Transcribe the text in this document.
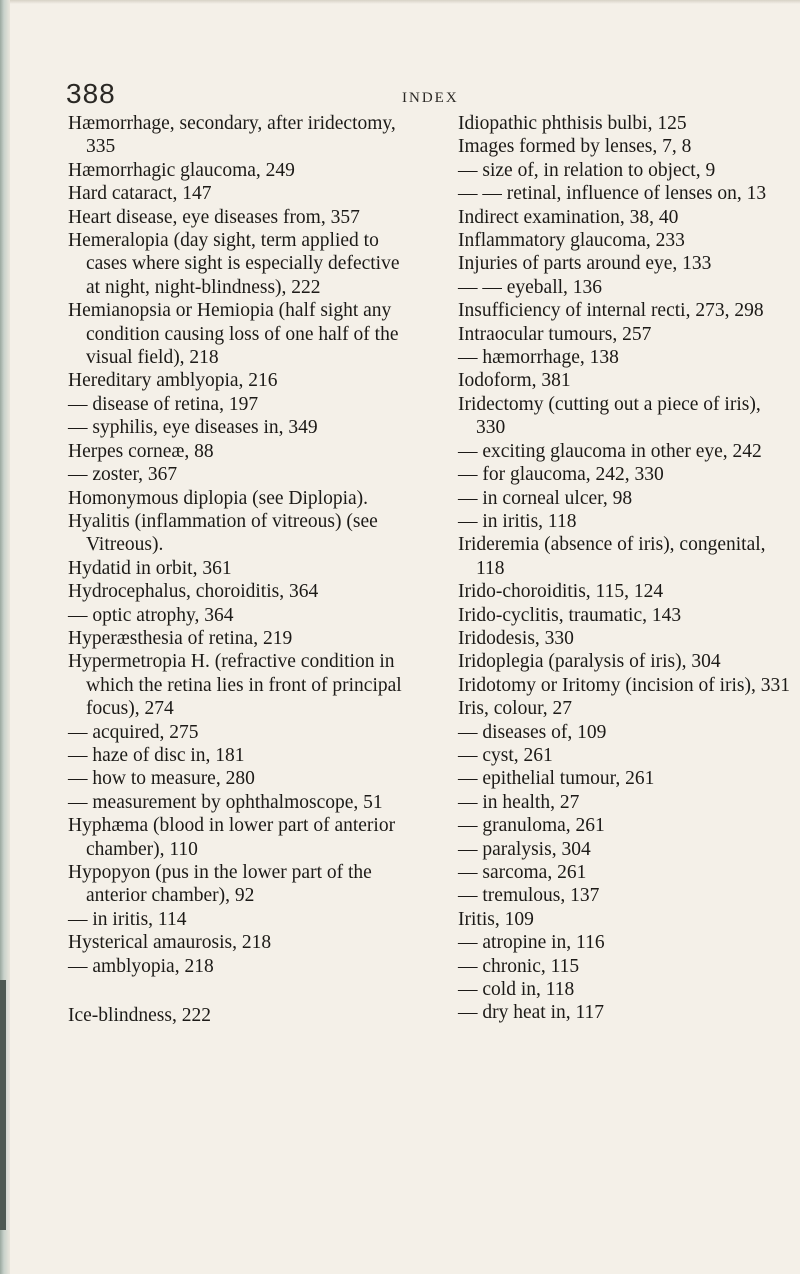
388	INDEX

Hæmorrhage, secondary, after iridectomy, 335

Hæmorrhagic glaucoma, 249

Hard cataract, 147

Heart disease, eye diseases from, 357

Hemeralopia (day sight, term applied to cases where sight is especially defective at night, night-blindness), 222

Hemianopsia or Hemiopia (half sight any condition causing loss of one half of the visual field), 218

Hereditary amblyopia, 216

— disease of retina, 197

— syphilis, eye diseases in, 349

Herpes corneæ, 88

— zoster, 367

Homonymous diplopia (see Diplopia).

Hyalitis (inflammation of vitreous) (see Vitreous).

Hydatid in orbit, 361

Hydrocephalus, choroiditis, 364

— optic atrophy, 364

Hyperæsthesia of retina, 219

Hypermetropia H. (refractive condition in which the retina lies in front of principal focus), 274

— acquired, 275

— haze of disc in, 181

— how to measure, 280

— measurement by ophthalmoscope, 51

Hyphæma (blood in lower part of anterior chamber), 110

Hypopyon (pus in the lower part of the anterior chamber), 92

— in iritis, 114

Hysterical amaurosis, 218

— amblyopia, 218

Ice-blindness, 222

Idiopathic phthisis bulbi, 125

Images formed by lenses, 7, 8

— size of, in relation to object, 9

— — retinal, influence of lenses on, 13

Indirect examination, 38, 40

Inflammatory glaucoma, 233

Injuries of parts around eye, 133

— — eyeball, 136

Insufficiency of internal recti, 273, 298

Intraocular tumours, 257

— hæmorrhage, 138

Iodoform, 381

Iridectomy (cutting out a piece of iris), 330

— exciting glaucoma in other eye, 242

— for glaucoma, 242, 330

— in corneal ulcer, 98

— in iritis, 118

Irideremia (absence of iris), congenital, 118

Irido-choroiditis, 115, 124

Irido-cyclitis, traumatic, 143

Iridodesis, 330

Iridoplegia (paralysis of iris), 304

Iridotomy or Iritomy (incision of iris), 331

Iris, colour, 27

— diseases of, 109

— cyst, 261

— epithelial tumour, 261

— in health, 27

— granuloma, 261

— paralysis, 304

— sarcoma, 261

— tremulous, 137

Iritis, 109

— atropine in, 116

— chronic, 115

— cold in, 118

— dry heat in, 117
